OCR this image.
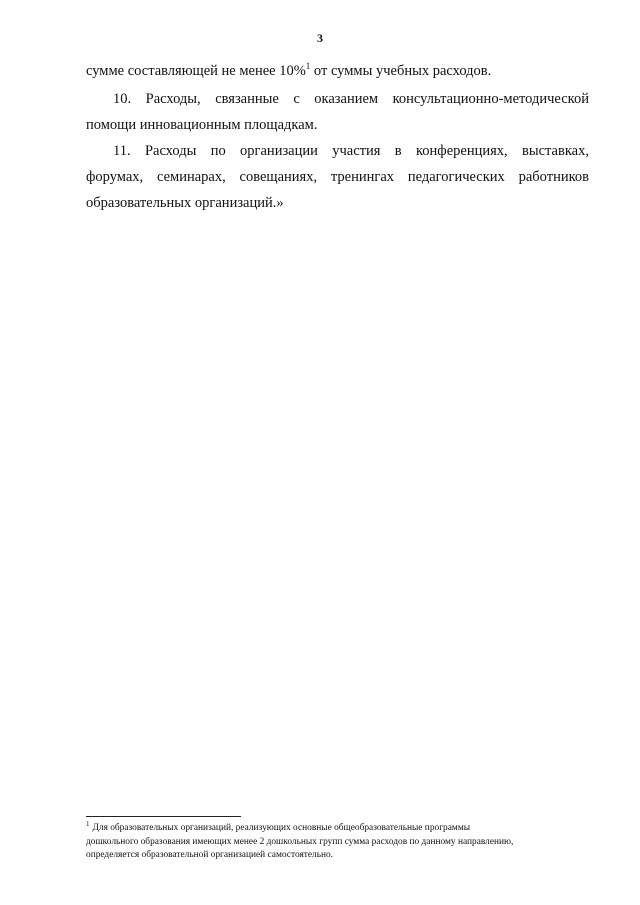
3
сумме составляющей не менее 10%$^1$ от суммы учебных расходов.
10. Расходы, связанные с оказанием консультационно-методической
помощи инновационным площадкам.
11. Расходы по организации участия в конференциях, выставках,
форумах, семинарах, совещаниях, тренингах педагогических работников
образовательных организаций.»
$^1$ Для образовательных организаций, реализующих основные общеобразовательные программы
дошкольного образования имеющих менее 2 дошкольных групп сумма расходов по данному направлению,
определяется образовательной организацией самостоятельно.
